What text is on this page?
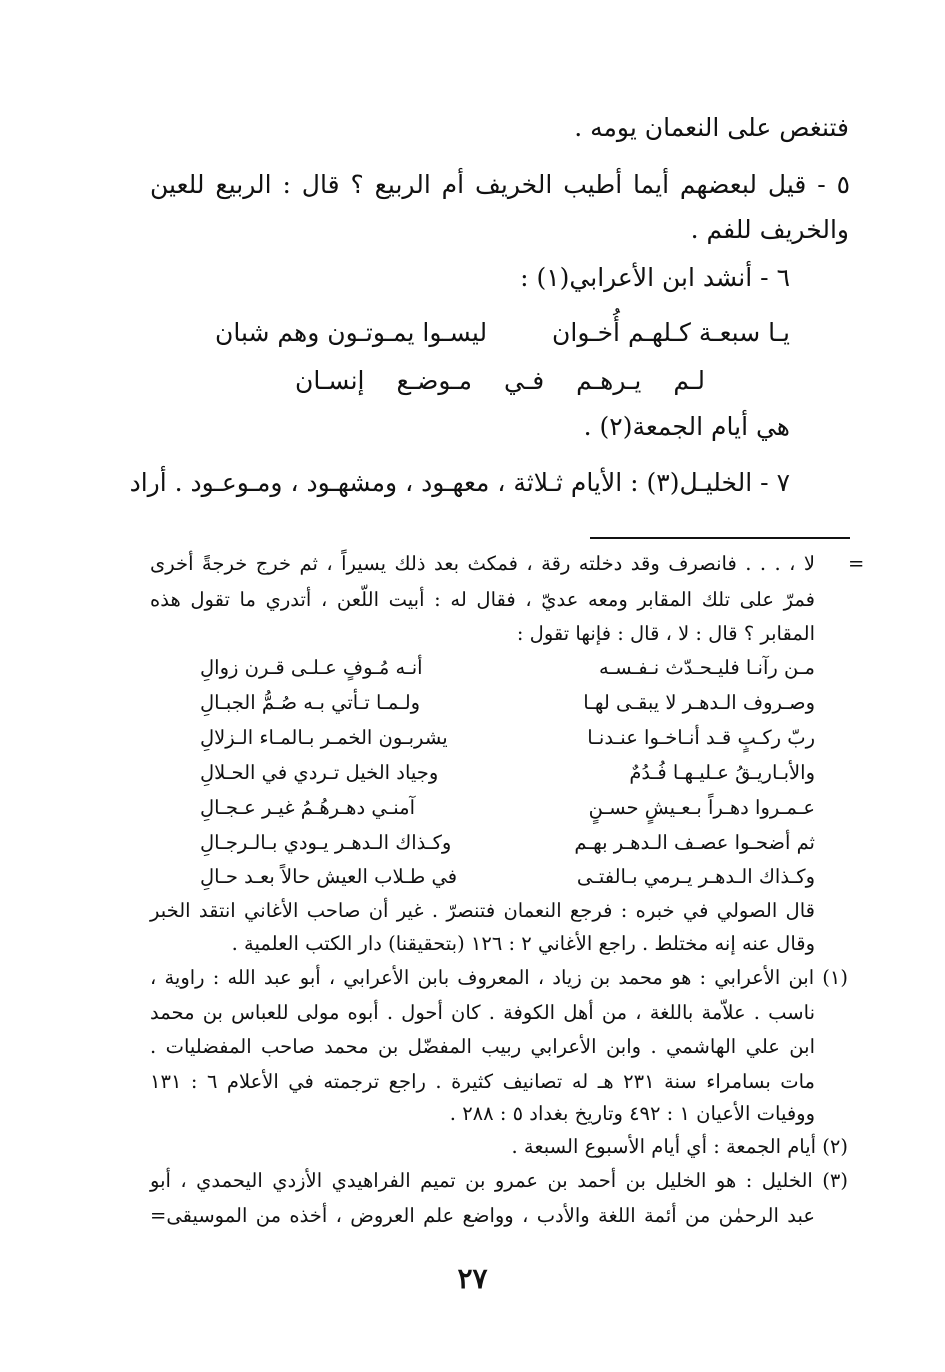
فتنغص على النعمان يومه .
٥ - قيل لبعضهم أيما أطيب الخريف أم الربيع ؟ قال : الربيع للعين
والخريف للفم .
٦ - أنشد ابن الأعرابي(١) :
يـا سبعـة كـلهـم أُخـوان
ليسـوا يمـوتـون وهم شبان
لـم يـرهـم فـي مـوضـع إنسـان
هي أيام الجمعة(٢) .
٧ - الخليـل(٣) : الأيام ثـلاثة ، معهـود ، ومشهـود ، ومـوعـود . أراد
=
لا ، . . . فانصرف وقد دخلته رقة ، فمكث بعد ذلك يسيراً ، ثم خرج خرجةً أخرى
فمرّ على تلك المقابر ومعه عديّ ، فقال له : أبيت اللّعن ، أتدري ما تقول هذه
المقابر ؟ قال : لا ، قال : فإنها تقول :
مـن رآنـا فليـحـدّث نـفـسـه
أنـه مُـوفٍ عـلـى قـرن زوالِ
وصـروف الـدهـر لا يبقـى لهـا
ولـمـا تـأتي بـه صُـمُّ الجبـالِ
ربّ ركـبٍ قـد أنـاخـوا عنـدنـا
يشربـون الخمـر بـالمـاء الـزلالِ
والأبـاريـقُ عـليـهـا فُـدُمٌ
وجياد الخيل تـردي في الحـلالِ
عـمـروا دهـراً بـعـيشٍ حسـنٍ
آمنـي دهـرهُـمُ غيـر عـجـالِ
ثم أضحـوا عصـف الـدهـر بهـم
وكـذاك الـدهـر يـودي بـالـرجـالِ
وكـذاك الـدهـر يـرمي بـالفتـى
في طـلاب العيش حالاً بعـد حـالِ
قال الصولي في خبره : فرجع النعمان فتنصرّ . غير أن صاحب الأغاني انتقد الخبر
وقال عنه إنه مختلط . راجع الأغاني ٢ : ١٢٦ (بتحقيقنا) دار الكتب العلمية .
(١) ابن الأعرابي : هو محمد بن زياد ، المعروف بابن الأعرابي ، أبو عبد الله : راوية ،
ناسب . علاّمة باللغة ، من أهل الكوفة . كان أحول . أبوه مولى للعباس بن محمد
ابن علي الهاشمي . وابن الأعرابي ربيب المفضّل بن محمد صاحب المفضليات .
مات بسامراء سنة ٢٣١ هـ له تصانيف كثيرة . راجع ترجمته في الأعلام ٦ : ١٣١
ووفيات الأعيان ١ : ٤٩٢ وتاريخ بغداد ٥ : ٢٨٨ .
(٢) أيام الجمعة : أي أيام الأسبوع السبعة .
(٣) الخليل : هو الخليل بن أحمد بن عمرو بن تميم الفراهيدي الأزدي اليحمدي ، أبو
عبد الرحمٰن من أئمة اللغة والأدب ، وواضع علم العروض ، أخذه من الموسيقى=
٢٧
